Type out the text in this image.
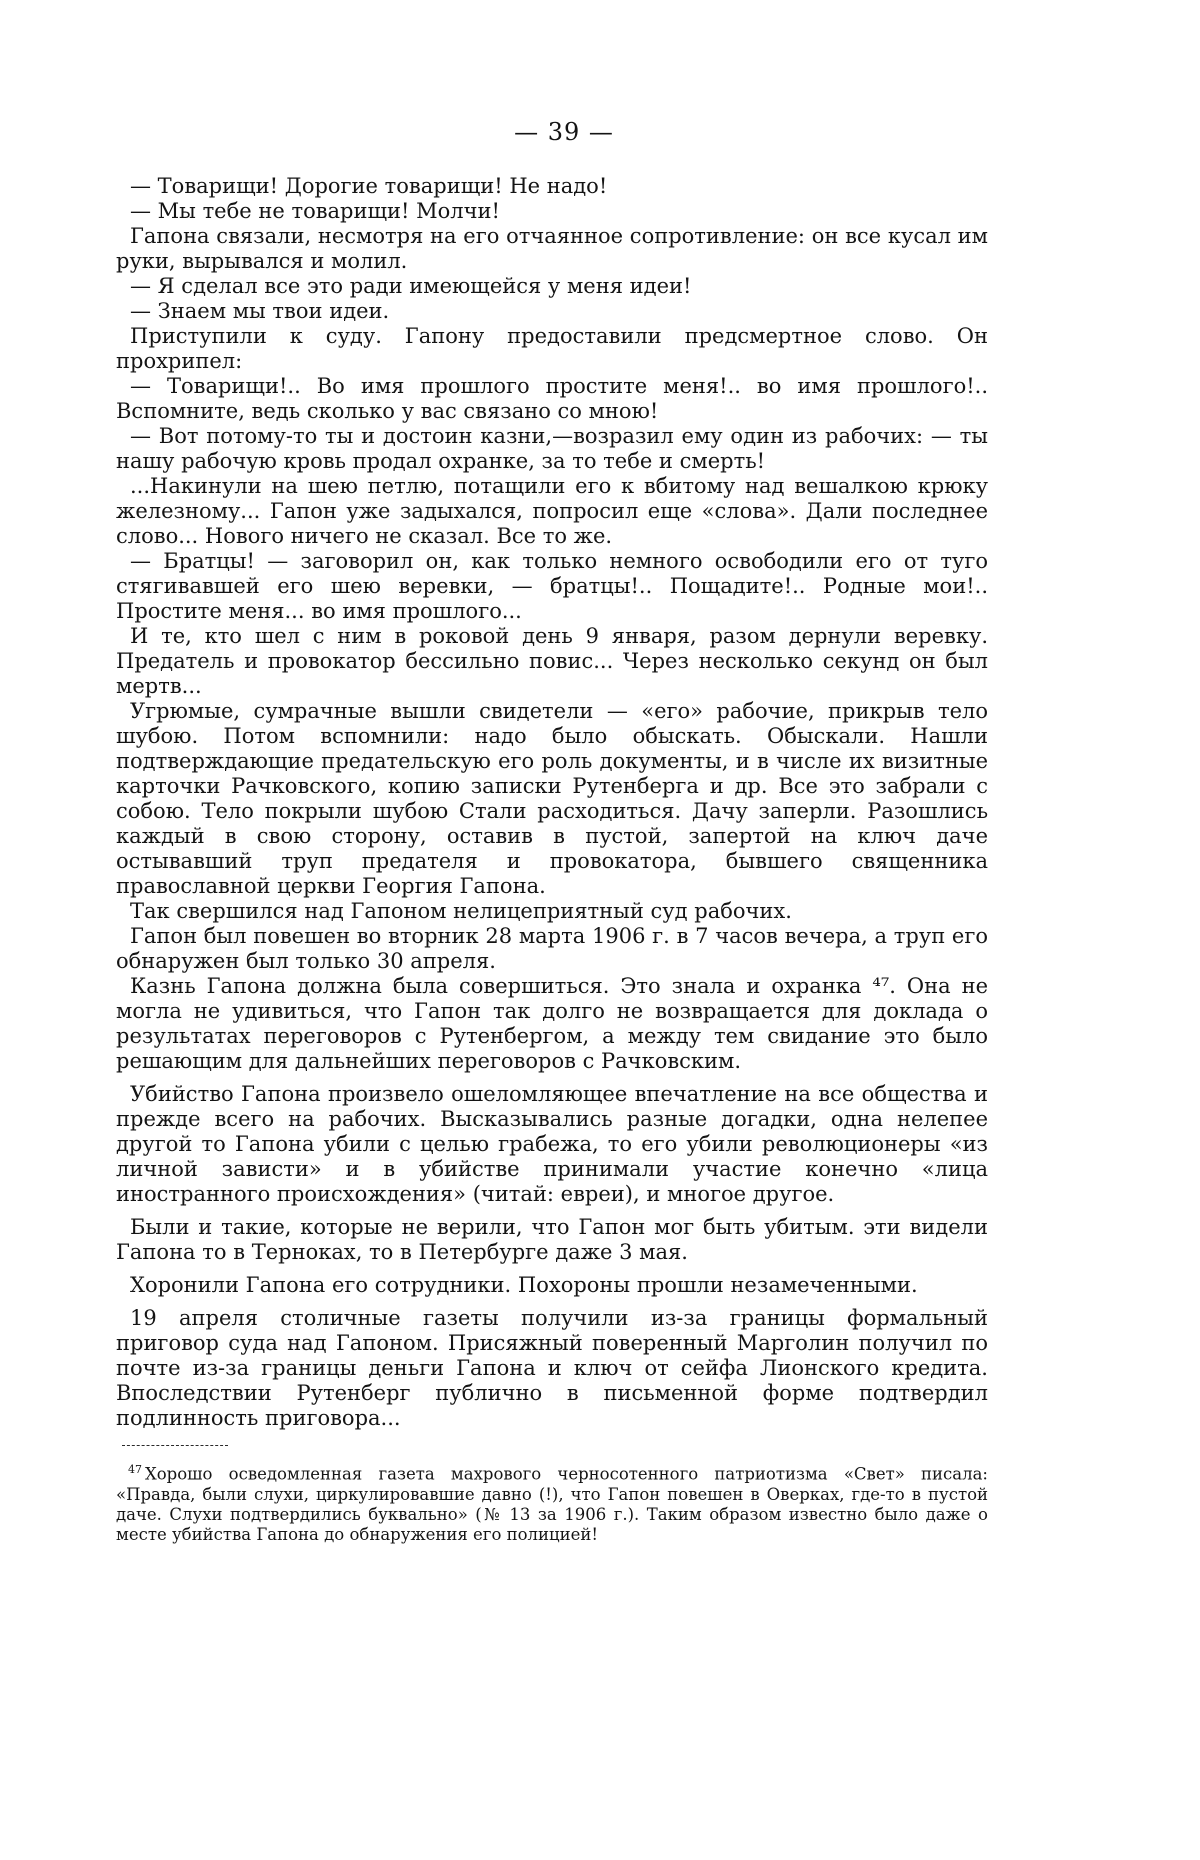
— 39 —

— Товарищи! Дорогие товарищи! Не надо!

— Мы тебе не товарищи! Молчи!

Гапона связали, несмотря на его отчаянное сопротивление: он все кусал им руки, вырывался и молил.

— Я сделал все это ради имеющейся у меня идеи!

— Знаем мы твои идеи.

Приступили к суду. Гапону предоставили предсмертное слово. Он прохрипел:

— Товарищи!.. Во имя прошлого простите меня!.. во имя прошлого!.. Вспомните, ведь сколько у вас связано со мною!

— Вот потому-то ты и достоин казни,—возразил ему один из рабочих: — ты нашу рабочую кровь продал охранке, за то тебе и смерть!

...Накинули на шею петлю, потащили его к вбитому над вешалкою крюку железному... Гапон уже задыхался, попросил еще «слова». Дали последнее слово... Нового ничего не сказал. Все то же.

— Братцы! — заговорил он, как только немного освободили его от туго стягивавшей его шею веревки, — братцы!.. Пощадите!.. Родные мои!.. Простите меня... во имя прошлого...

И те, кто шел с ним в роковой день 9 января, разом дернули веревку. Предатель и провокатор бессильно повис... Через несколько секунд он был мертв...

Угрюмые, сумрачные вышли свидетели — «его» рабочие, прикрыв тело шубою. Потом вспомнили: надо было обыскать. Обыскали. Нашли подтверждающие предательскую его роль документы, и в числе их визитные карточки Рачковского, копию записки Рутенберга и др. Все это забрали с собою. Тело покрыли шубою Стали расходиться. Дачу заперли. Разошлись каждый в свою сторону, оставив в пустой, запертой на ключ даче остывавший труп предателя и провокатора, бывшего священника православной церкви Георгия Гапона.

Так свершился над Гапоном нелицеприятный суд рабочих.

Гапон был повешен во вторник 28 марта 1906 г. в 7 часов вечера, а труп его обнаружен был только 30 апреля.

Казнь Гапона должна была совершиться. Это знала и охранка ⁴⁷. Она не могла не удивиться, что Гапон так долго не возвращается для доклада о результатах переговоров с Рутенбергом, а между тем свидание это было решающим для дальнейших переговоров с Рачковским.

Убийство Гапона произвело ошеломляющее впечатление на все общества и прежде всего на рабочих. Высказывались разные догадки, одна нелепее другой то Гапона убили с целью грабежа, то его убили революционеры «из личной зависти» и в убийстве принимали участие конечно «лица иностранного происхождения» (читай: евреи), и многое другое.

Были и такие, которые не верили, что Гапон мог быть убитым. эти видели Гапона то в Терноках, то в Петербурге даже 3 мая.

Хоронили Гапона его сотрудники. Похороны прошли незамеченными.

19 апреля столичные газеты получили из-за границы формальный приговор суда над Гапоном. Присяжный поверенный Марголин получил по почте из-за границы деньги Гапона и ключ от сейфа Лионского кредита. Впоследствии Рутенберг публично в письменной форме подтвердил подлинность приговора...

$^{47}$ Хорошо осведомленная газета махрового черносотенного патриотизма «Свет» писала: «Правда, были слухи, циркулировавшие давно (!), что Гапон повешен в Оверках, где-то в пустой даче. Слухи подтвердились буквально» (№ 13 за 1906 г.). Таким образом известно было даже о месте убийства Гапона до обнаружения его полицией!
